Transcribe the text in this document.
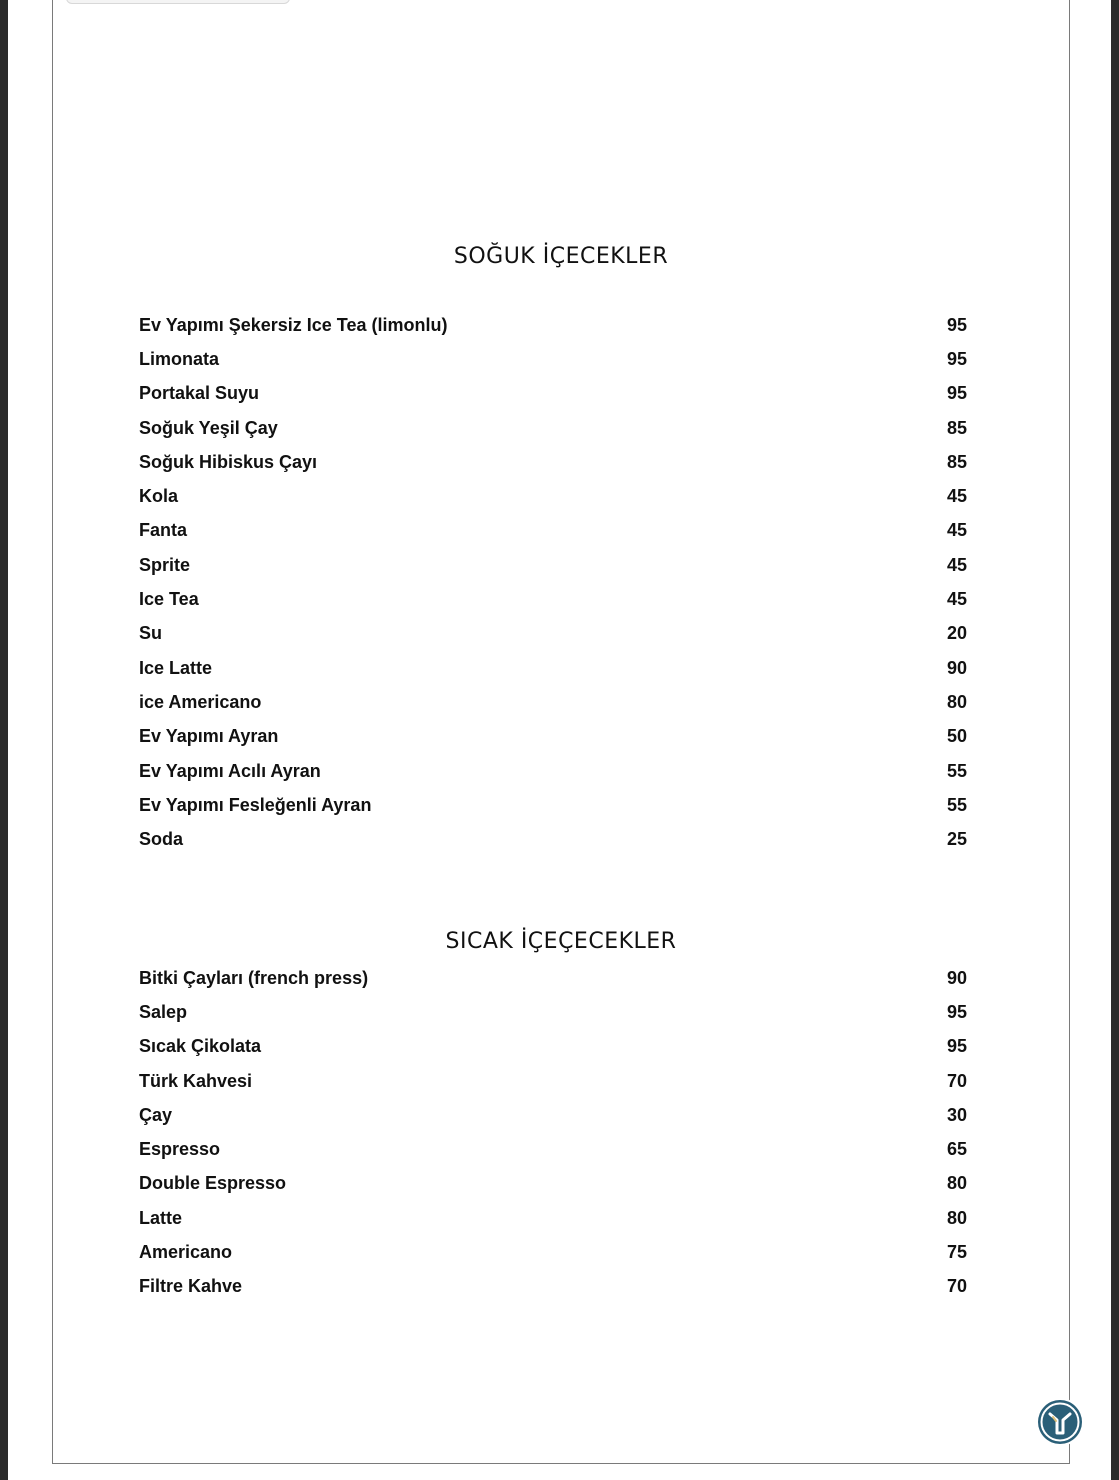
SOĞUK İÇECEKLER
Ev Yapımı Şekersiz Ice Tea (limonlu)	95
Limonata	95
Portakal Suyu	95
Soğuk Yeşil Çay	85
Soğuk Hibiskus Çayı	85
Kola	45
Fanta	45
Sprite	45
Ice Tea	45
Su	20
Ice Latte	90
ice Americano	80
Ev Yapımı Ayran	50
Ev Yapımı Acılı Ayran	55
Ev Yapımı Fesleğenli Ayran	55
Soda	25
SICAK İÇEÇECEKLER
Bitki Çayları (french press)	90
Salep	95
Sıcak Çikolata	95
Türk Kahvesi	70
Çay	30
Espresso	65
Double Espresso	80
Latte	80
Americano	75
Filtre Kahve	70
